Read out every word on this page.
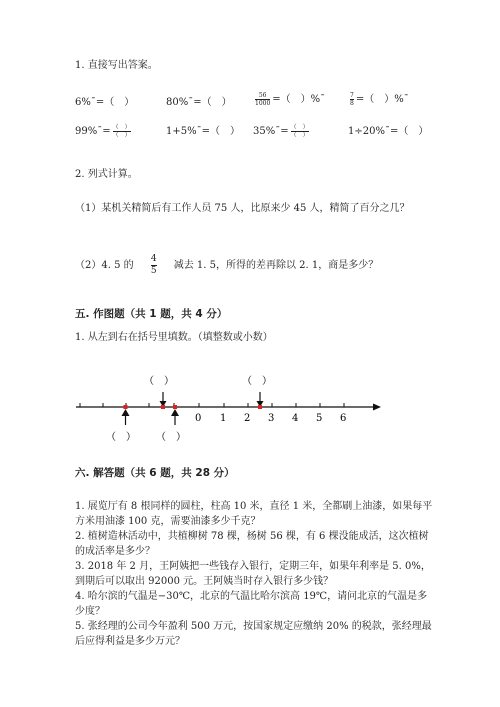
1. 直接写出答案。
6%ˉ=（　）	80%ˉ=（　）	$\frac{56}{1000}$ =（　）%ˉ	$\frac{7}{8}$ =（　）%ˉ
99%ˉ= $\frac{( )}{( )}$	1+5%ˉ=（　） 35%ˉ= $\frac{( )}{( )}$	1÷20%ˉ=（　）
2. 列式计算。
（1）某机关精简后有工作人员 75 人，比原来少 45 人，精简了百分之几？
（2）4. 5 的 $\frac{4}{5}$ 减去 1. 5，所得的差再除以 2. 1，商是多少？
五. 作图题（共 1 题，共 4 分）
1. 从左到右在括号里填数。（填整数或小数）
（　）	（　）
0 1 2 3 4 5 6
（　） （　）
六. 解答题（共 6 题，共 28 分）
1. 展览厅有 8 根同样的圆柱，柱高 10 米，直径 1 米，全都刷上油漆，如果每平方米用油漆 100 克，需要油漆多少千克？
2. 植树造林活动中，共植柳树 78 棵，杨树 56 棵，有 6 棵没能成活，这次植树的成活率是多少？
3. 2018 年 2 月，王阿姨把一些钱存入银行，定期三年，如果年利率是 5. 0%，到期后可以取出 92000 元。王阿姨当时存入银行多少钱？
4. 哈尔滨的气温是−30℃，北京的气温比哈尔滨高 19℃，请问北京的气温是多少度？
5. 张经理的公司今年盈利 500 万元，按国家规定应缴纳 20% 的税款，张经理最后应得利益是多少万元？
